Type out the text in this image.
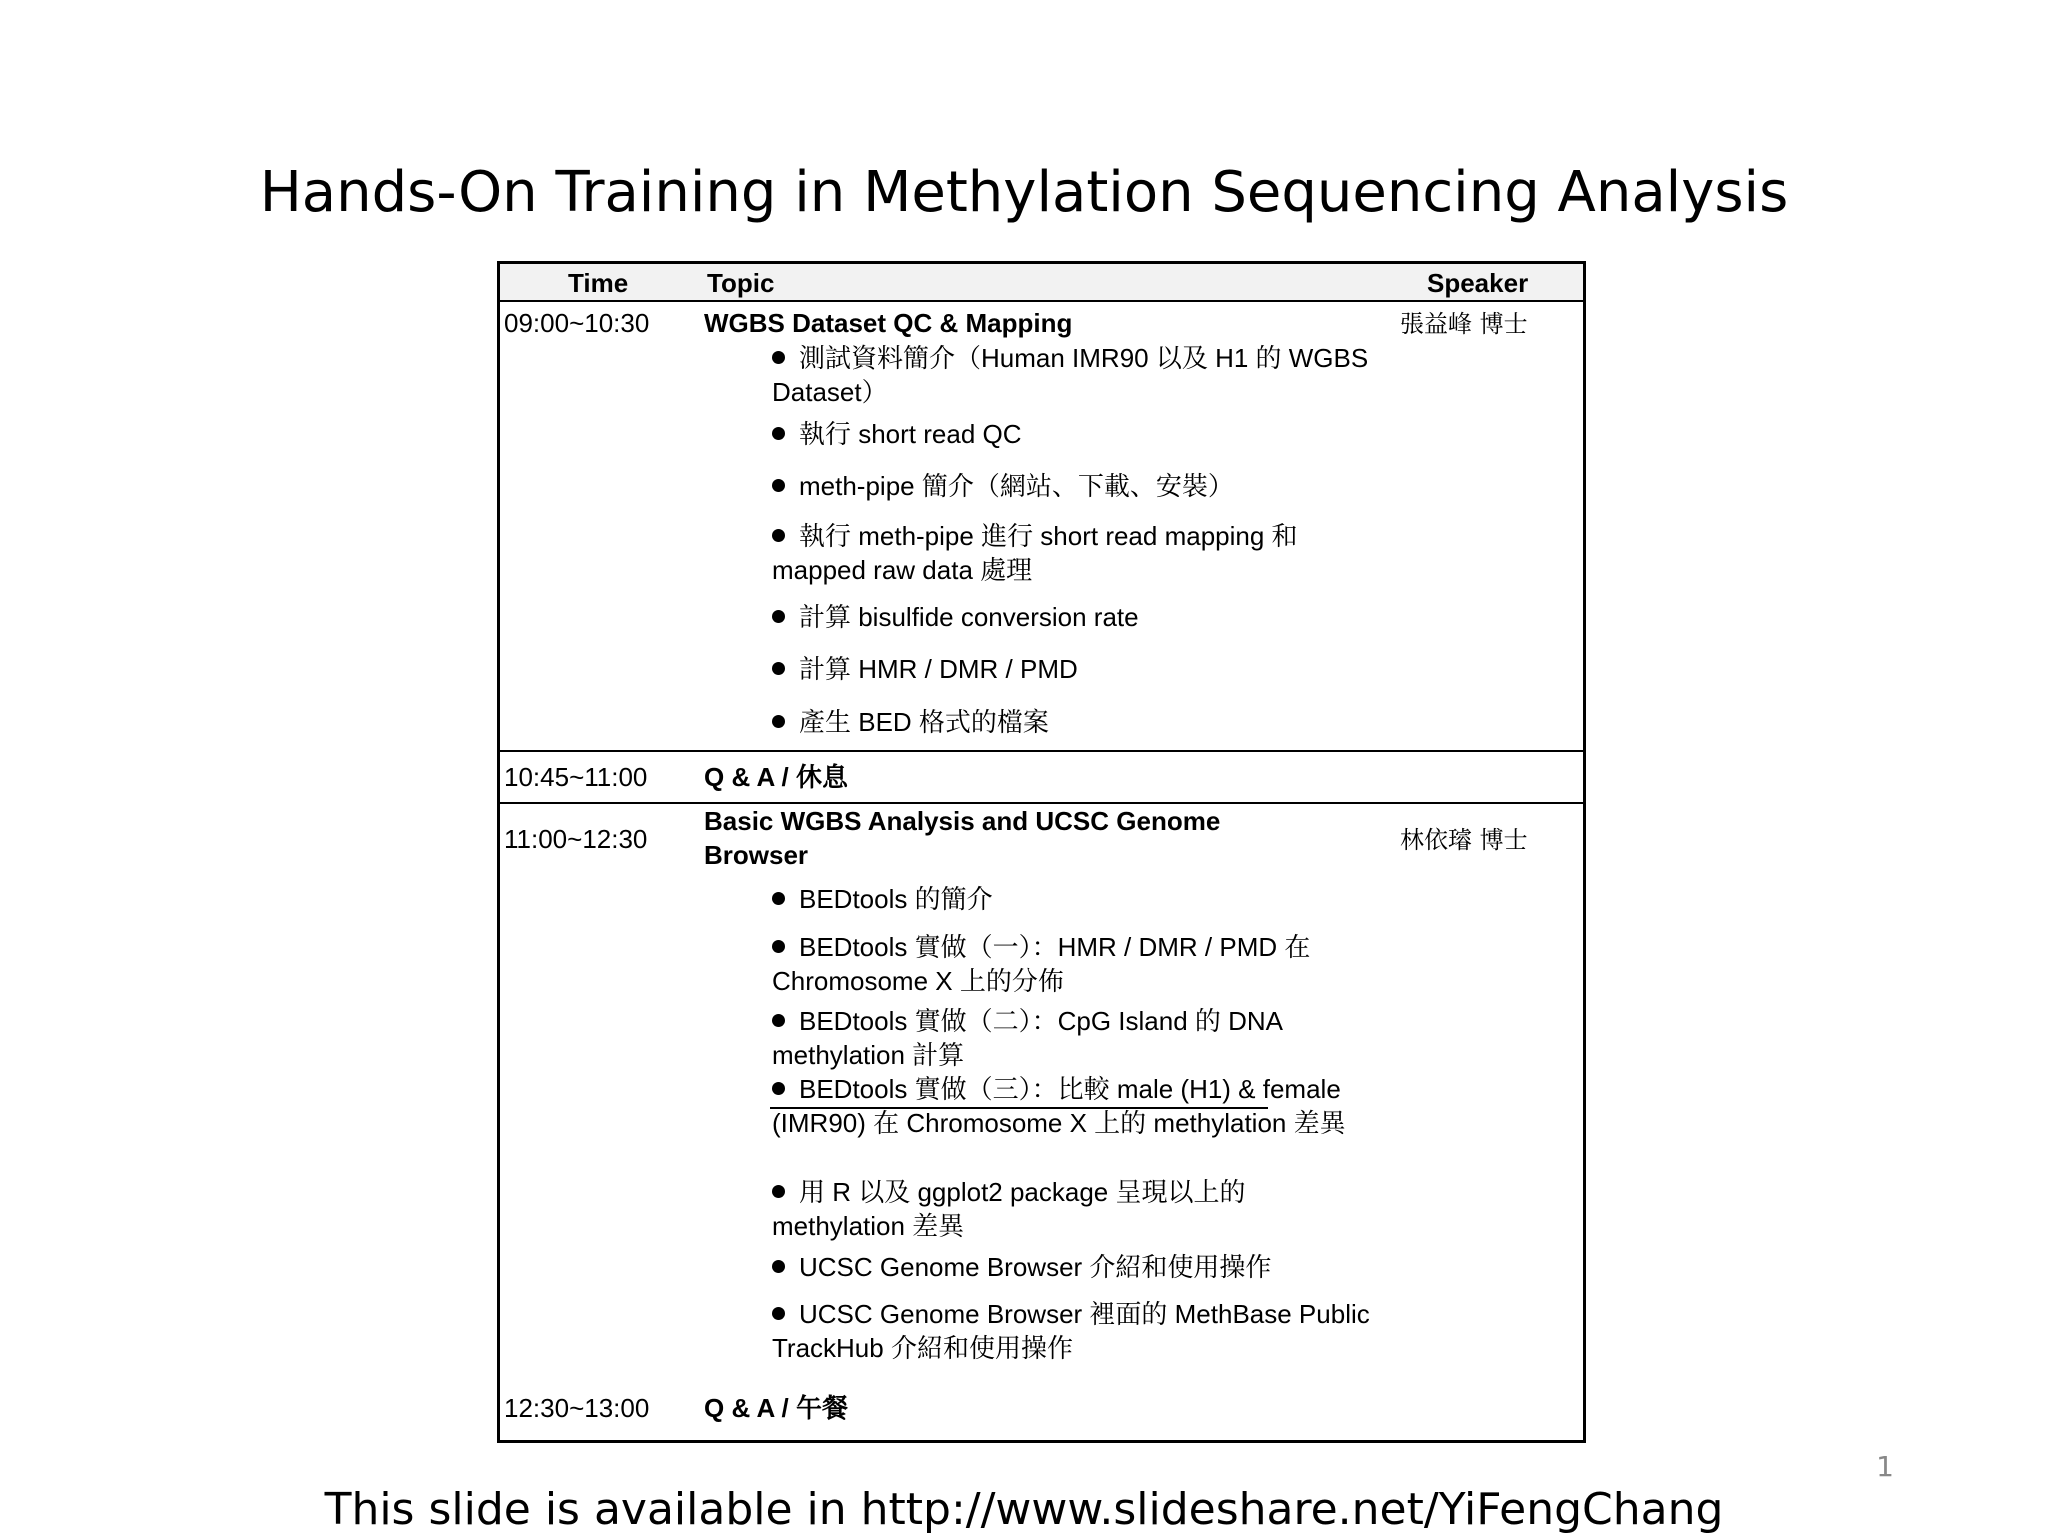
Hands-On Training in Methylation Sequencing Analysis
Time	Topic	Speaker
09:00~10:30 WGBS Dataset QC & Mapping	張益峰 博士
測試資料簡介（Human IMR90 以及 H1 的 WGBS Dataset）
執行 short read QC
meth-pipe 簡介（網站、下載、安裝）
執行 meth-pipe 進行 short read mapping 和 mapped raw data 處理
計算 bisulfide conversion rate
計算 HMR / DMR / PMD
產生 BED 格式的檔案
10:45~11:00 Q & A / 休息
11:00~12:30
Basic WGBS Analysis and UCSC Genome Browser	林依璿 博士
BEDtools 的簡介
BEDtools 實做（一）：HMR / DMR / PMD 在Chromosome X 上的分佈
BEDtools 實做（二）：CpG Island 的 DNA methylation 計算
BEDtools 實做（三）：比較 male (H1) & female (IMR90) 在 Chromosome X 上的 methylation 差異
用 R 以及 ggplot2 package 呈現以上的 methylation 差異
UCSC Genome Browser 介紹和使用操作
UCSC Genome Browser 裡面的 MethBase Public TrackHub 介紹和使用操作
12:30~13:00 Q & A / 午餐
1
This slide is available in http://www.slideshare.net/YiFengChang
